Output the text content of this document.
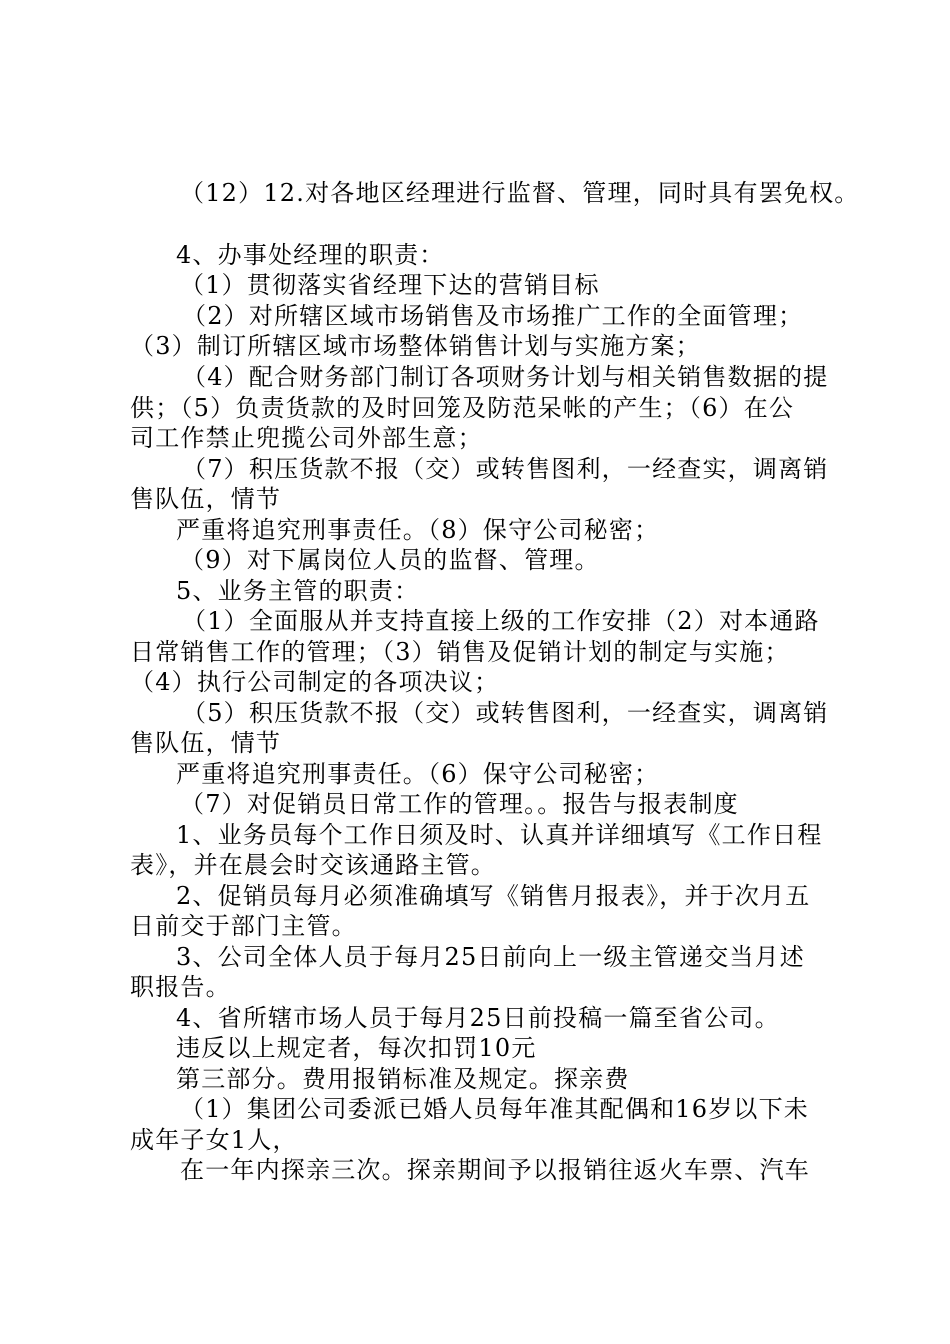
（12）12.对各地区经理进行监督、管理，同时具有罢免权。
4、办事处经理的职责：
（1）贯彻落实省经理下达的营销目标
（2）对所辖区域市场销售及市场推广工作的全面管理；
（3）制订所辖区域市场整体销售计划与实施方案；
（4）配合财务部门制订各项财务计划与相关销售数据的提
供；（5）负责货款的及时回笼及防范呆帐的产生；（6）在公
司工作禁止兜揽公司外部生意；
（7）积压货款不报（交）或转售图利，一经查实，调离销
售队伍，情节
严重将追究刑事责任。（8）保守公司秘密；
（9）对下属岗位人员的监督、管理。
5、业务主管的职责：
（1）全面服从并支持直接上级的工作安排（2）对本通路
日常销售工作的管理；（3）销售及促销计划的制定与实施；
（4）执行公司制定的各项决议；
（5）积压货款不报（交）或转售图利，一经查实，调离销
售队伍，情节
严重将追究刑事责任。（6）保守公司秘密；
（7）对促销员日常工作的管理。。报告与报表制度
1、业务员每个工作日须及时、认真并详细填写《工作日程
表》，并在晨会时交该通路主管。
2、促销员每月必须准确填写《销售月报表》，并于次月五
日前交于部门主管。
3、公司全体人员于每月25日前向上一级主管递交当月述
职报告。
4、省所辖市场人员于每月25日前投稿一篇至省公司。
违反以上规定者，每次扣罚10元
第三部分。费用报销标准及规定。探亲费
（1）集团公司委派已婚人员每年准其配偶和16岁以下未
成年子女1人，
在一年内探亲三次。探亲期间予以报销往返火车票、汽车
